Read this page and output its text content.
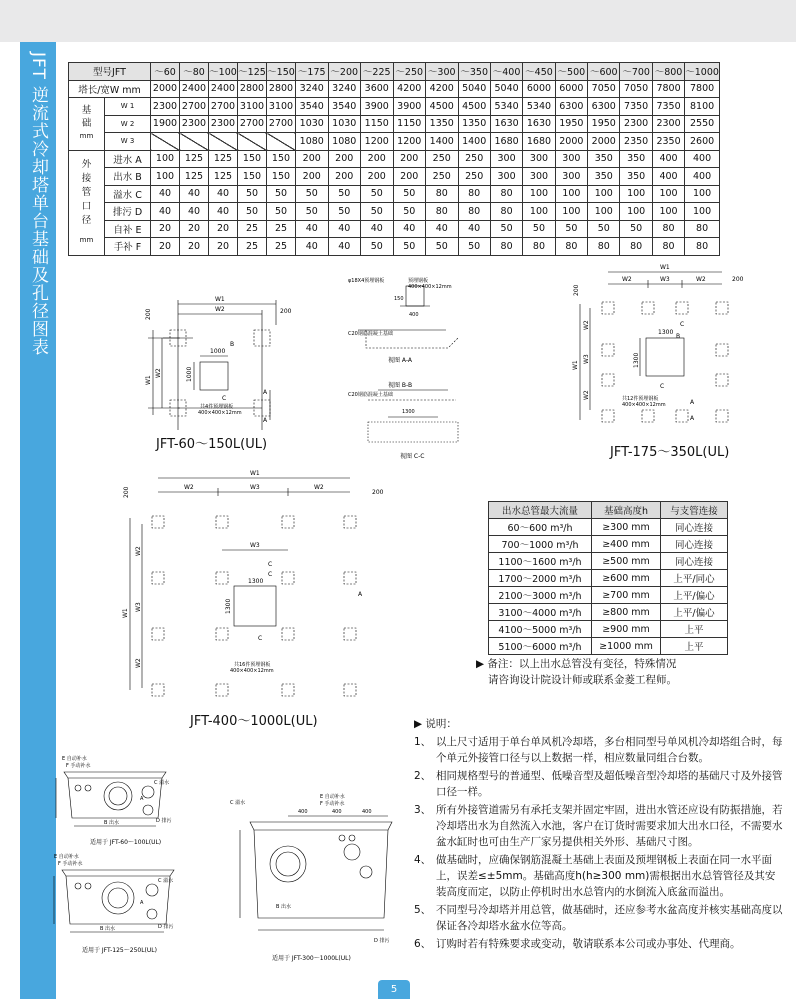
JFT 逆流式冷却塔单台基础及孔径图表	型号JFT		～60	～80	～100	～125	～150	～175	～200	～225	～250	～300	～350	～400	～450	～500	～600	～700	～800	～1000
塔长/宽W mm		2000	2400	2400	2800	2800	3240	3240	3600	4200	4200	5040	5040	6000	6000	7050	7050	7800	7800

基础
mm	W 1	2300	2700	2700	3100	3100	3540	3540	3900	3900	4500	4500	5340	5340	6300	6300	7350	7350	8100
	W 2	1900	2300	2300	2700	2700	1030	1030	1150	1150	1350	1350	1630	1630	1950	1950	2300	2300	2550
	W 3						1080	1080	1200	1200	1400	1400	1680	1680	2000	2000	2350	2350	2600

外接管口径
mm	进水 A	100	125	125	150	150	200	200	200	200	250	250	300	300	300	350	350	400	400
	出水 B	100	125	125	150	150	200	200	200	200	250	250	300	300	300	350	350	400	400
	溢水 C	40	40	40	50	50	50	50	50	50	80	80	80	100	100	100	100	100	100
	排污 D	40	40	40	50	50	50	50	50	50	80	80	80	100	100	100	100	100	100
	自补 E	20	20	20	25	25	40	40	40	40	40	40	50	50	50	50	50	80	80
	手补 F	20	20	20	25	25	40	40	50	50	50	50	80	80	80	80	80	80	80
W1
W2	200
200
1000
1000
B
C
A
A
共4件预埋钢板
400×400×12mm
W1
W2
JFT-60～150L(UL)
φ18X4预埋钢板	预埋钢板
400×400×12mm
150
400
C20钢筋混凝土基础
视图 A-A
C20钢筋混凝土基础
视图 B-B
1300
视图 C-C
W1
W2	W3	W2	200
200
1300
1300
C
B
C
A
A
共12件预埋钢板
400×400×12mm
W1
W2
W3
W2
JFT-175～350L(UL)
W1
W2	W3	W2
200
200
W3
1300
1300
C
C
C
A
共16件预埋钢板
400×400×12mm
W1
W2
W3
W2
JFT-400～1000L(UL)
出水总管最大流量	基础高度h	与支管连接
60～600 m³/h	≥300 mm	同心连接
700～1000 m³/h	≥400 mm	同心连接
1100～1600 m³/h	≥500 mm	同心连接
1700～2000 m³/h	≥600 mm	上平/同心
2100～3000 m³/h	≥700 mm	上平/偏心
3100～4000 m³/h	≥800 mm	上平/偏心
4100～5000 m³/h	≥900 mm	上平
5100～6000 m³/h	≥1000 mm	上平
▶ 备注：以上出水总管没有变径，特殊情况
请咨询设计院设计师或联系金菱工程师。
E 自动补水
F 手动补水
C 溢水
A
D 排污
B 出水
适用于 JFT-60～100L(UL)
E 自动补水
F 手动补水
C 溢水
A
D 排污
B 出水
适用于 JFT-125～250L(UL)
C 溢水
E 自动补水
F 手动补水
400	400	400
B 出水
D 排污
适用于 JFT-300～1000L(UL)
▶ 说明：
1、 以上尺寸适用于单台单风机冷却塔，多台相同型号单风机冷却塔组合时，每个单元外接管口径与以上数据一样，相应数量同组合台数。
2、 相同规格型号的普通型、低噪音型及超低噪音型冷却塔的基础尺寸及外接管口径一样。
3、 所有外接管道需另有承托支架并固定牢固，进出水管还应设有防振措施，若冷却塔出水为自然流入水池，客户在订货时需要求加大出水口径，不需要水盆水缸时也可由生产厂家另提供相关外形、基础尺寸图。
4、 做基础时，应确保钢筋混凝土基础上表面及预埋钢板上表面在同一水平面上，误差≤±5mm。基础高度h(h≥300 mm)需根据出水总管管径及其安装高度而定，以防止停机时出水总管内的水倒流入底盆而溢出。
5、 不同型号冷却塔并用总管，做基础时，还应参考水盆高度并核实基础高度以保证各冷却塔水盆水位等高。
6、 订购时若有特殊要求或变动，敬请联系本公司或办事处、代理商。
5
